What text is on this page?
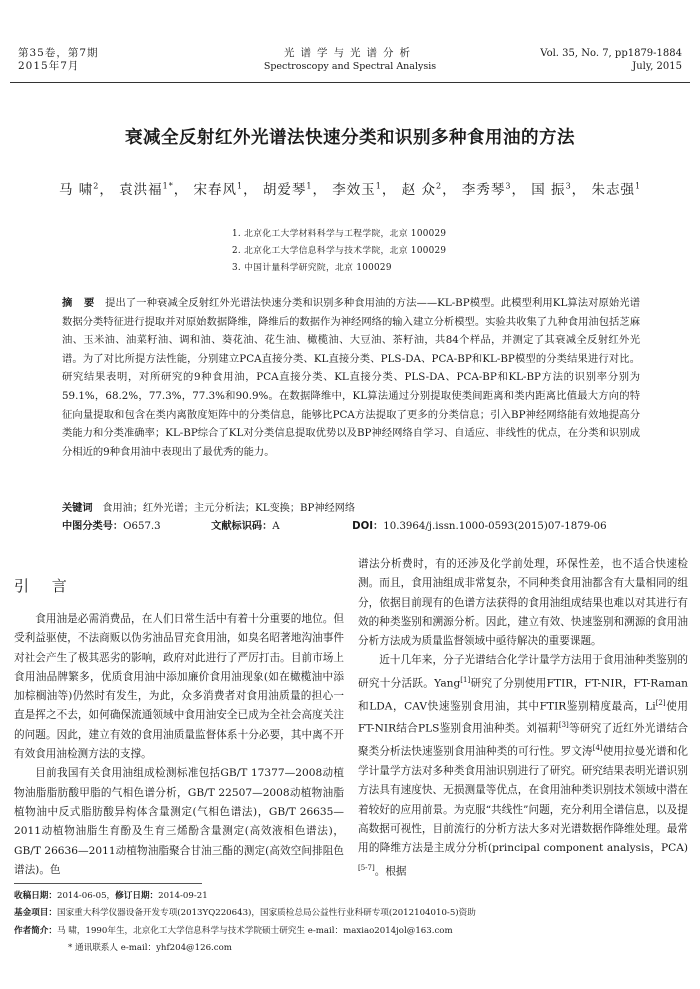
第35卷，第7期
2015年7月
光谱学与光谱分析
Spectroscopy and Spectral Analysis
Vol. 35, No. 7, pp1879-1884
July, 2015
衰减全反射红外光谱法快速分类和识别多种食用油的方法
马 啸$^2$， 袁洪福$^{1*}$， 宋春风$^1$， 胡爱琴$^1$， 李效玉$^1$， 赵 众$^2$， 李秀琴$^3$， 国 振$^3$， 朱志强$^1$
1. 北京化工大学材料科学与工程学院，北京 100029
2. 北京化工大学信息科学与技术学院，北京 100029
3. 中国计量科学研究院，北京 100029
摘 要 提出了一种衰减全反射红外光谱法快速分类和识别多种食用油的方法——KL-BP模型。此模型利用KL算法对原始光谱数据分类特征进行提取并对原始数据降维，降维后的数据作为神经网络的输入建立分析模型。实验共收集了九种食用油包括芝麻油、玉米油、油菜籽油、调和油、葵花油、花生油、橄榄油、大豆油、茶籽油，共84个样品，并测定了其衰减全反射红外光谱。为了对比所提方法性能，分别建立PCA直接分类、KL直接分类、PLS-DA、PCA-BP和KL-BP模型的分类结果进行对比。研究结果表明，对所研究的9种食用油，PCA直接分类、KL直接分类、PLS-DA、PCA-BP和KL-BP方法的识别率分别为59.1%，68.2%，77.3%，77.3%和90.9%。在数据降维中，KL算法通过分别提取使类间距离和类内距离比值最大方向的特征向量提取和包含在类内离散度矩阵中的分类信息，能够比PCA方法提取了更多的分类信息；引入BP神经网络能有效地提高分类能力和分类准确率；KL-BP综合了KL对分类信息提取优势以及BP神经网络自学习、自适应、非线性的优点，在分类和识别成分相近的9种食用油中表现出了最优秀的能力。
关键词 食用油；红外光谱；主元分析法；KL变换；BP神经网络
中图分类号：O657.3	文献标识码：A	DOI：10.3964/j.issn.1000-0593(2015)07-1879-06
引 言

食用油是必需消费品，在人们日常生活中有着十分重要的地位。但受利益驱使，不法商贩以伪劣油品冒充食用油，如臭名昭著地沟油事件对社会产生了极其恶劣的影响，政府对此进行了严厉打击。目前市场上食用油品牌繁多，优质食用油中添加廉价食用油现象(如在橄榄油中添加棕榈油等)仍然时有发生，为此，众多消费者对食用油质量的担心一直是挥之不去，如何确保流通领域中食用油安全已成为全社会高度关注的问题。因此，建立有效的食用油质量监督体系十分必要，其中离不开有效食用油检测方法的支撑。

目前我国有关食用油组成检测标准包括GB/T 17377—2008动植物油脂脂肪酸甲脂的气相色谱分析，GB/T 22507—2008动植物油脂植物油中反式脂肪酸异构体含量测定(气相色谱法)，GB/T 26635—2011动植物油脂生育酚及生育三烯酚含量测定(高效液相色谱法)，GB/T 26636—2011动植物油脂聚合甘油三酯的测定(高效空间排阻色谱法)。色

谱法分析费时，有的还涉及化学前处理，环保性差，也不适合快速检测。而且，食用油组成非常复杂，不同种类食用油都含有大量相同的组分，依据目前现有的色谱方法获得的食用油组成结果也难以对其进行有效的种类鉴别和溯源分析。因此，建立有效、快速鉴别和溯源的食用油分析方法成为质量监督领域中亟待解决的重要课题。

近十几年来，分子光谱结合化学计量学方法用于食用油种类鉴别的研究十分活跃。Yang[1]研究了分别使用FTIR，FT-NIR，FT-Raman和LDA，CAV快速鉴别食用油，其中FTIR鉴别精度最高，Li[2]使用FT-NIR结合PLS鉴别食用油种类。刘福莉[3]等研究了近红外光谱结合聚类分析法快速鉴别食用油种类的可行性。罗文涛[4]使用拉曼光谱和化学计量学方法对多种类食用油识别进行了研究。研究结果表明光谱识别方法具有速度快、无损测量等优点，在食用油种类识别技术领域中潜在着较好的应用前景。为克服“共线性”问题，充分利用全谱信息，以及提高数据可视性，目前流行的分析方法大多对光谱数据作降维处理。最常用的降维方法是主成分分析(principal component analysis，PCA)[5-7]。根据

收稿日期：2014-06-05，修订日期：2014-09-21
基金项目：国家重大科学仪器设备开发专项(2013YQ220643)，国家质检总局公益性行业科研专项(2012104010-5)资助
作者简介：马 啸，1990年生，北京化工大学信息科学与技术学院硕士研究生 e-mail：maxiao2014jol@163.com
* 通讯联系人 e-mail：yhf204@126.com
